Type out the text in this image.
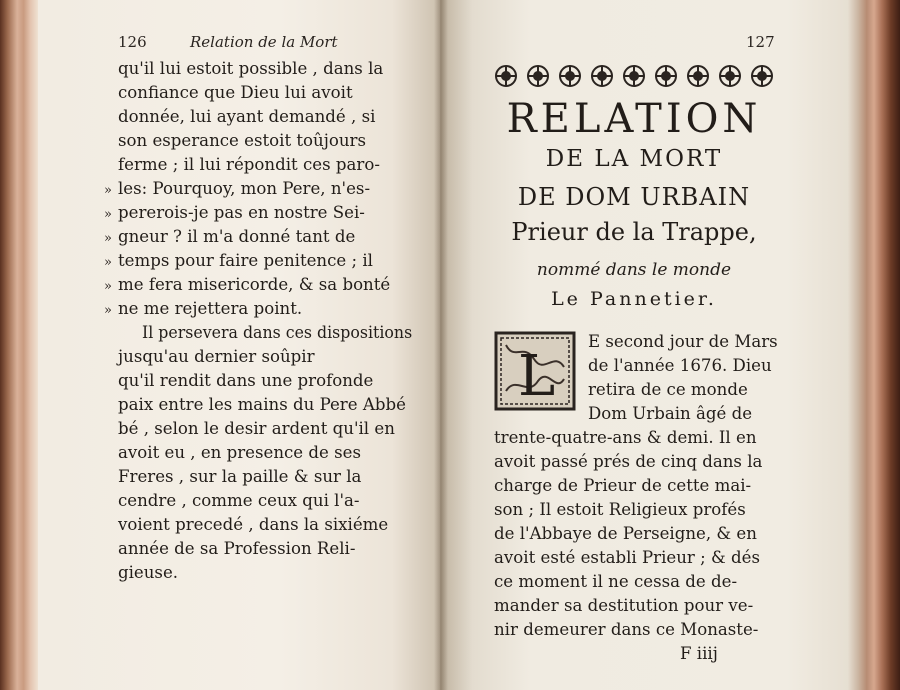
126	Relation de la Mort
qu'il lui estoit possible , dans la
confiance que Dieu lui avoit
donnée, lui ayant demandé , si
son esperance estoit toûjours
ferme ; il lui répondit ces paro-
les: Pourquoy, mon Pere, n'es-
pererois-je pas en nostre Sei-
gneur ? il m'a donné tant de
temps pour faire penitence ; il
me fera misericorde, & sa bonté
ne me rejettera point.
Il persevera dans ces dispositions
jusqu'au dernier soûpir
qu'il rendit dans une profonde
paix entre les mains du Pere Abbé
bé , selon le desir ardent qu'il en
avoit eu , en presence de ses
Freres , sur la paille & sur la
cendre , comme ceux qui l'a-
voient precedé , dans la sixiéme
année de sa Profession Reli-
gieuse.
»
»
»
»
»
»
127
RELATION
DE LA MORT
DE DOM URBAIN
Prieur de la Trappe,
nommé dans le monde
Le Pannetier.
L
E second jour de Mars
de l'année 1676. Dieu
retira de ce monde
Dom Urbain âgé de
trente-quatre-ans & demi. Il en
avoit passé prés de cinq dans la
charge de Prieur de cette mai-
son ; Il estoit Religieux profés
de l'Abbaye de Perseigne, & en
avoit esté establi Prieur ; & dés
ce moment il ne cessa de de-
mander sa destitution pour ve-
nir demeurer dans ce Monaste-
F iiij
